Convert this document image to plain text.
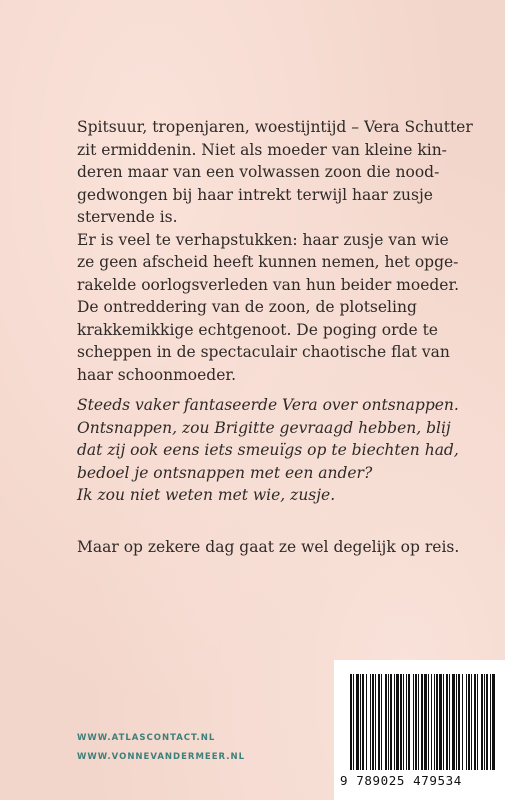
Spitsuur, tropenjaren, woestijntijd – Vera Schutter
zit ermiddenin. Niet als moeder van kleine kin-
deren maar van een volwassen zoon die nood-
gedwongen bij haar intrekt terwijl haar zusje
stervende is.
Er is veel te verhapstukken: haar zusje van wie
ze geen afscheid heeft kunnen nemen, het opge-
rakelde oorlogsverleden van hun beider moeder.
De ontreddering van de zoon, de plotseling
krakkemikkige echtgenoot. De poging orde te
scheppen in de spectaculair chaotische flat van
haar schoonmoeder.
Steeds vaker fantaseerde Vera over ontsnappen.
Ontsnappen, zou Brigitte gevraagd hebben, blij
dat zij ook eens iets smeuïgs op te biechten had,
bedoel je ontsnappen met een ander?
Ik zou niet weten met wie, zusje.
Maar op zekere dag gaat ze wel degelijk op reis.
WWW.ATLASCONTACT.NL
WWW.VONNEVANDERMEER.NL
9 789025 479534
